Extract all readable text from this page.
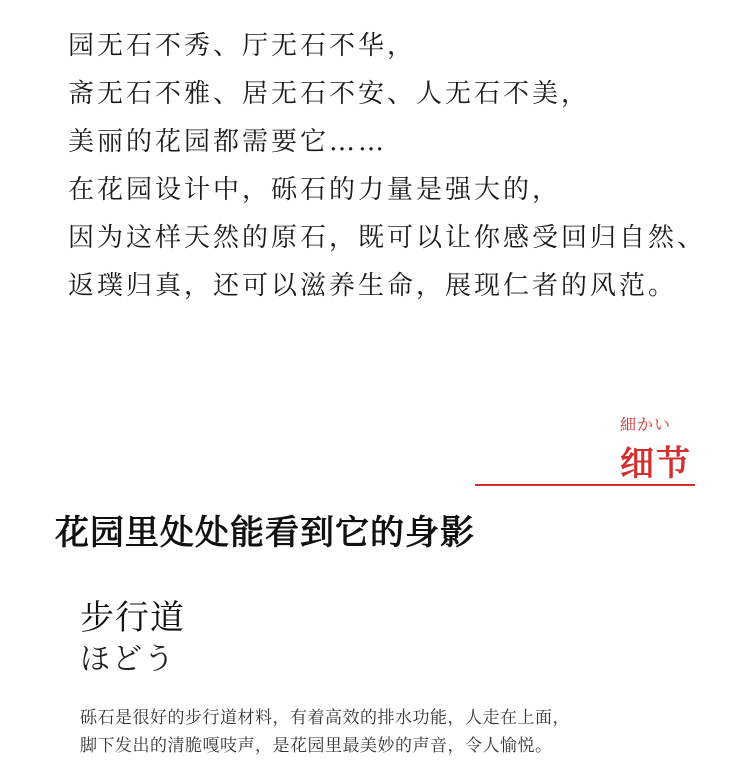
园无石不秀、厅无石不华，
斋无石不雅、居无石不安、人无石不美，
美丽的花园都需要它……
在花园设计中，砾石的力量是强大的，
因为这样天然的原石，既可以让你感受回归自然、
返璞归真，还可以滋养生命，展现仁者的风范。
細かい
细节
花园里处处能看到它的身影
步行道
ほどう
砾石是很好的步行道材料，有着高效的排水功能，人走在上面，
脚下发出的清脆嘎吱声，是花园里最美妙的声音，令人愉悦。
